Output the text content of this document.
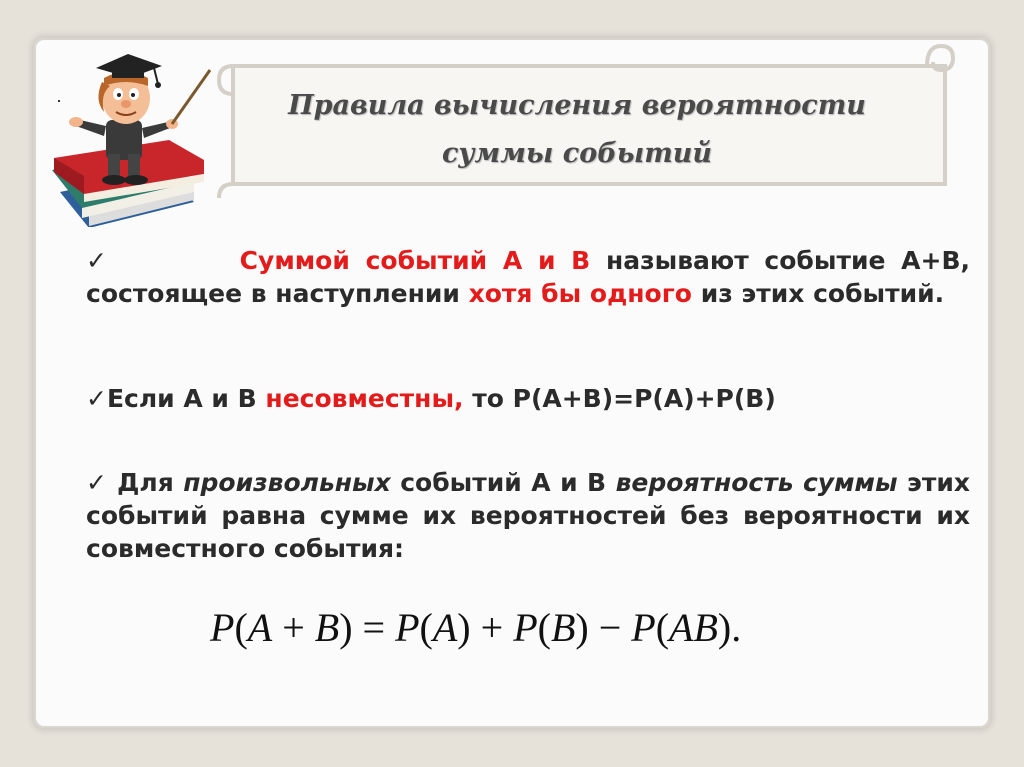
Правила вычисления вероятности
суммы событий
✓	Суммой событий А и В называют событие А+В, состоящее в наступлении хотя бы одного из этих событий.
✓Если А и В несовместны, то Р(А+В)=Р(А)+Р(В)
✓ Для произвольных событий А и В вероятность суммы этих событий равна сумме их вероятностей без вероятности их совместного события:
P(A + B) = P(A) + P(B) − P(AB).
